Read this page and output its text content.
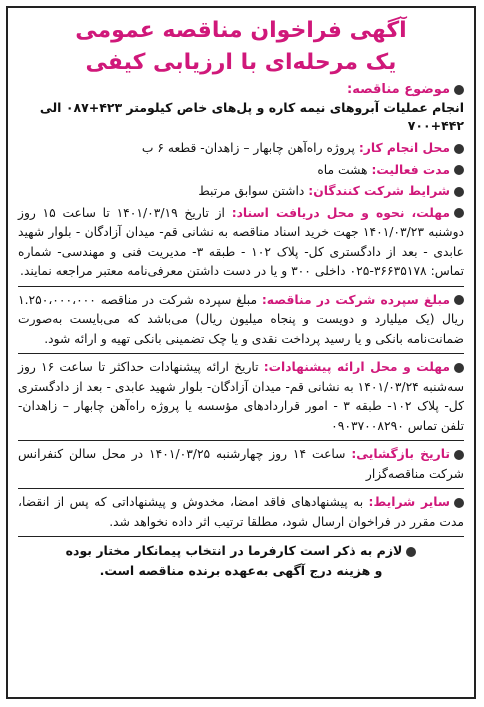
آگهی فراخوان مناقصه عمومی
یک مرحله‌ای با ارزیابی کیفی
موضوع مناقصه:
انجام عملیات آبروهای نیمه کاره و پل‌های خاص کیلومتر ۴۲۳+۰۸۷ الی ۴۴۲+۷۰۰
محل انجام کار: پروژه راه‌آهن چابهار – زاهدان- قطعه ۶ ب
مدت فعالیت: هشت ماه
شرایط شرکت کنندگان: داشتن سوابق مرتبط
مهلت، نحوه و محل دریافت اسناد: از تاریخ ۱۴۰۱/۰۳/۱۹ تا ساعت ۱۵ روز دوشنبه ۱۴۰۱/۰۳/۲۳ جهت خرید اسناد مناقصه به نشانی قم- میدان آزادگان - بلوار شهید عابدی - بعد از دادگستری کل- پلاک ۱۰۲ - طبقه ۳- مدیریت فنی و مهندسی- شماره تماس: ۳۶۶۳۵۱۷۸-۰۲۵ داخلی ۳۰۰ و یا در دست داشتن معرفی‌نامه معتبر مراجعه نمایند.
مبلغ سپرده شرکت در مناقصه: مبلغ سپرده شرکت در مناقصه ۱.۲۵۰،۰۰۰،۰۰۰ ریال (یک میلیارد و دویست و پنجاه میلیون ریال) می‌باشد که می‌بایست به‌صورت ضمانت‌نامه بانکی و یا رسید پرداخت نقدی و یا چک تضمینی بانکی تهیه و ارائه شود.
مهلت و محل ارائه پیشنهادات: تاریخ ارائه پیشنهادات حداکثر تا ساعت ۱۶ روز سه‌شنبه ۱۴۰۱/۰۳/۲۴ به نشانی قم- میدان آزادگان- بلوار شهید عابدی - بعد از دادگستری کل- پلاک ۱۰۲- طبقه ۳ - امور قراردادهای مؤسسه یا پروژه راه‌آهن چابهار – زاهدان- تلفن تماس ۰۹۰۳۷۰۰۸۲۹۰
تاریخ بازگشایی: ساعت ۱۴ روز چهارشنبه ۱۴۰۱/۰۳/۲۵ در محل سالن کنفرانس شرکت مناقصه‌گزار
سایر شرایط: به پیشنهادهای فاقد امضا، مخدوش و پیشنهاداتی که پس از انقضا، مدت مقرر در فراخوان ارسال شود، مطلقا ترتیب اثر داده نخواهد شد.
لازم به ذکر است کارفرما در انتخاب پیمانکار مختار بوده
و هزینه درج آگهی به‌عهده برنده مناقصه است.
